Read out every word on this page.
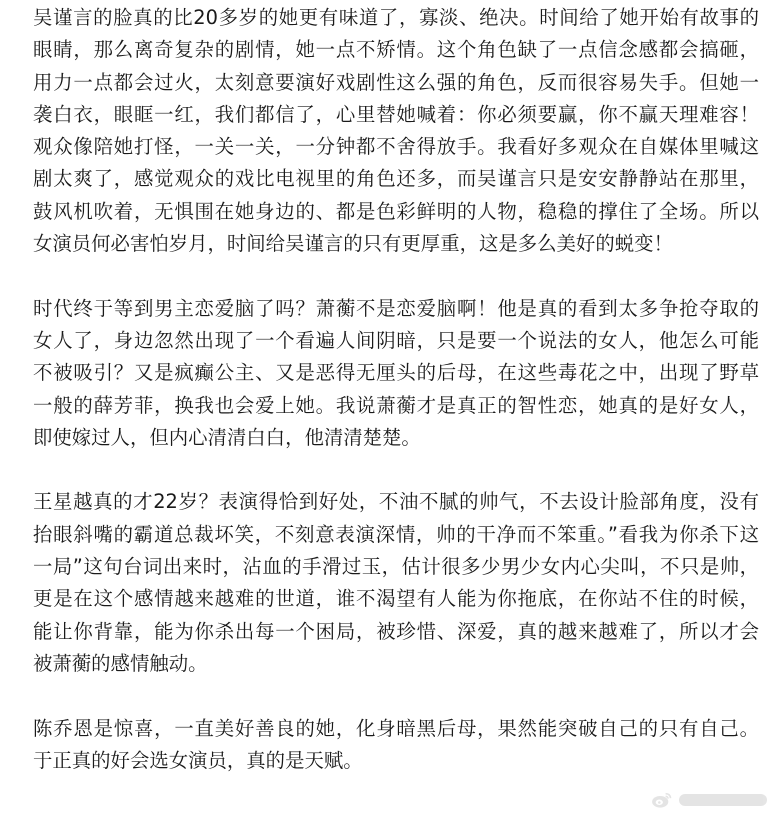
吴谨言的脸真的比20多岁的她更有味道了，寡淡、绝决。时间给了她开始有故事的
眼睛，那么离奇复杂的剧情，她一点不矫情。这个角色缺了一点信念感都会搞砸，
用力一点都会过火，太刻意要演好戏剧性这么强的角色，反而很容易失手。但她一
袭白衣，眼眶一红，我们都信了，心里替她喊着：你必须要赢，你不赢天理难容！
观众像陪她打怪，一关一关，一分钟都不舍得放手。我看好多观众在自媒体里喊这
剧太爽了，感觉观众的戏比电视里的角色还多，而吴谨言只是安安静静站在那里，
鼓风机吹着，无惧围在她身边的、都是色彩鲜明的人物，稳稳的撑住了全场。所以
女演员何必害怕岁月，时间给吴谨言的只有更厚重，这是多么美好的蜕变！

时代终于等到男主恋爱脑了吗？萧蘅不是恋爱脑啊！他是真的看到太多争抢夺取的
女人了，身边忽然出现了一个看遍人间阴暗，只是要一个说法的女人，他怎么可能
不被吸引？又是疯癫公主、又是恶得无厘头的后母，在这些毒花之中，出现了野草
一般的薛芳菲，换我也会爱上她。我说萧蘅才是真正的智性恋，她真的是好女人，
即使嫁过人，但内心清清白白，他清清楚楚。

王星越真的才22岁？表演得恰到好处，不油不腻的帅气，不去设计脸部角度，没有
抬眼斜嘴的霸道总裁坏笑，不刻意表演深情，帅的干净而不笨重。”看我为你杀下这
一局”这句台词出来时，沾血的手滑过玉，估计很多少男少女内心尖叫，不只是帅，
更是在这个感情越来越难的世道，谁不渴望有人能为你拖底，在你站不住的时候，
能让你背靠，能为你杀出每一个困局，被珍惜、深爱，真的越来越难了，所以才会
被萧蘅的感情触动。

陈乔恩是惊喜，一直美好善良的她，化身暗黑后母，果然能突破自己的只有自己。
于正真的好会选女演员，真的是天赋。
